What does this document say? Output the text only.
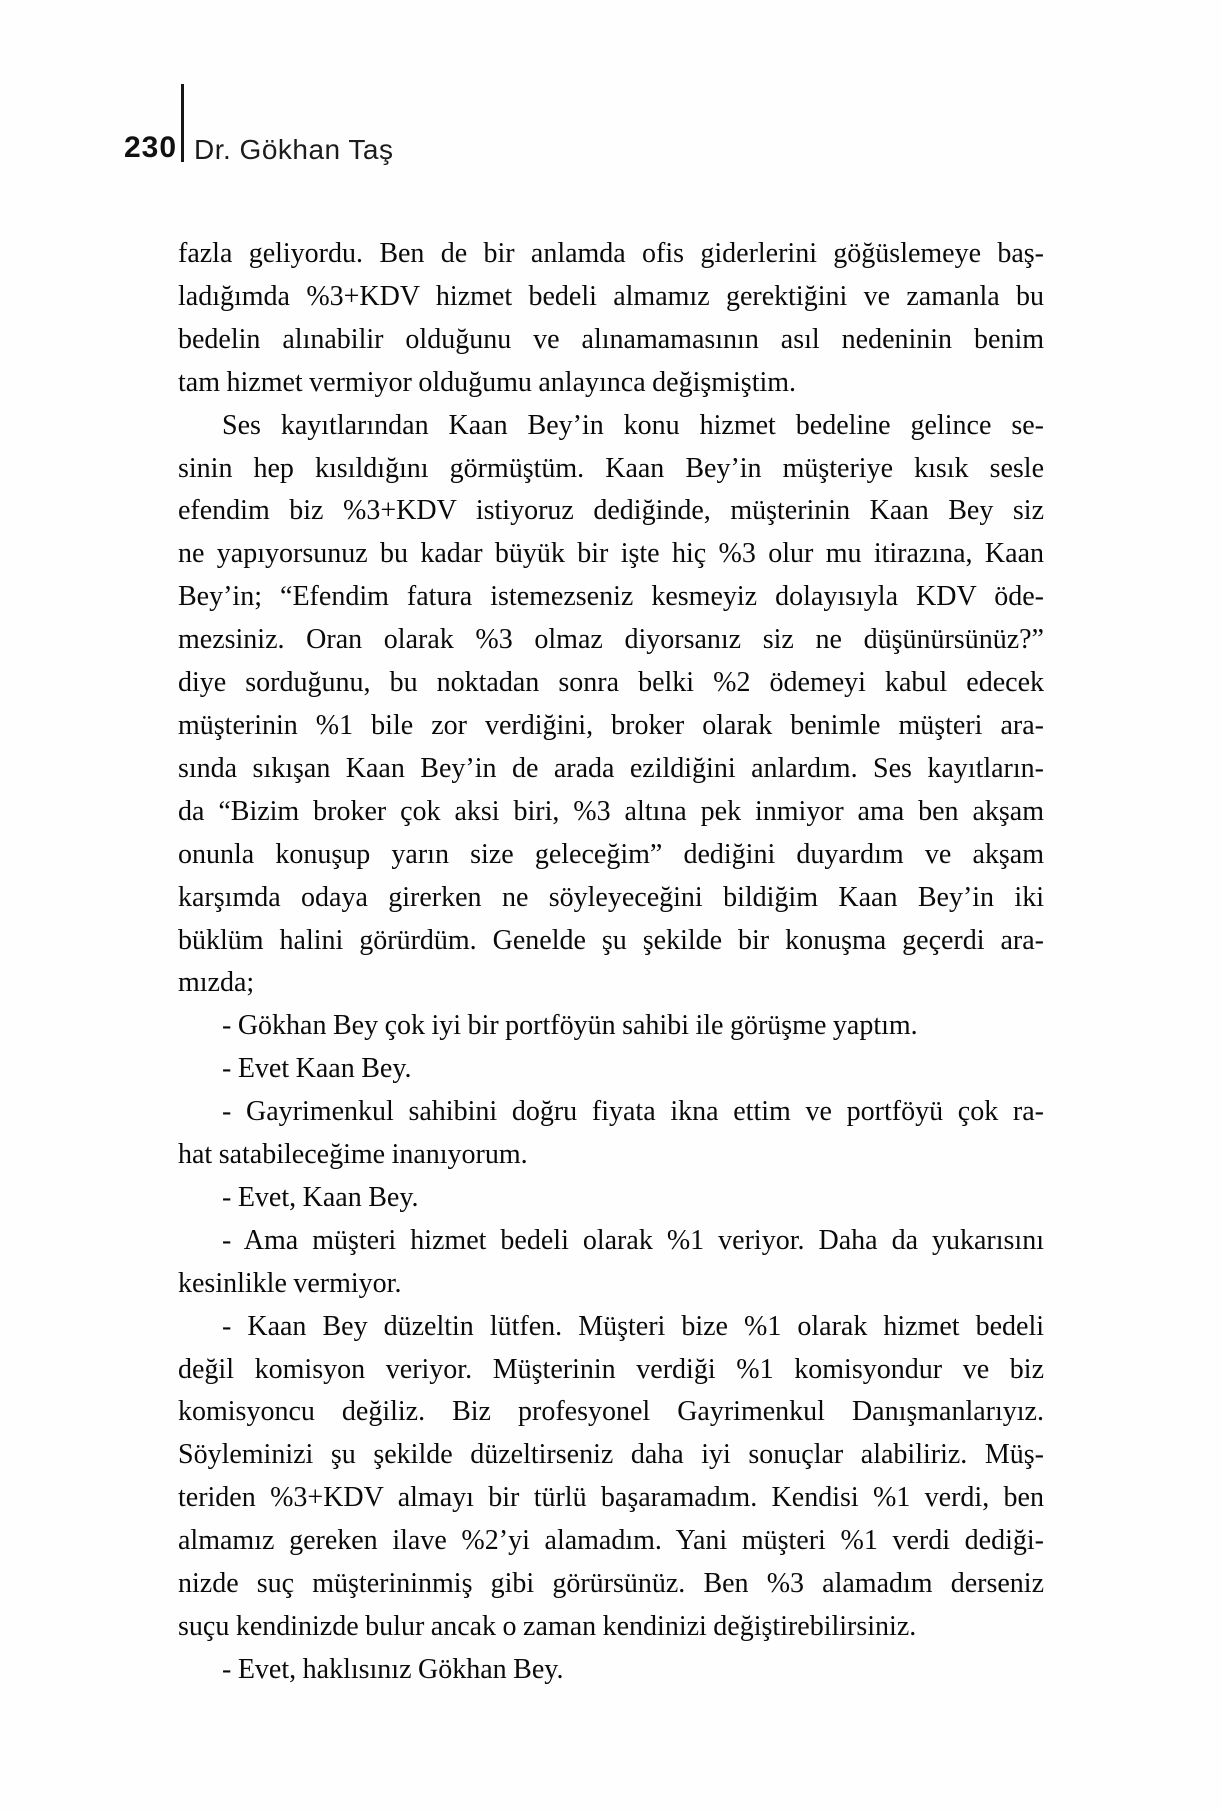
230 Dr. Gökhan Taş
fazla geliyordu. Ben de bir anlamda ofis giderlerini göğüslemeye baş-
ladığımda %3+KDV hizmet bedeli almamız gerektiğini ve zamanla bu
bedelin alınabilir olduğunu ve alınamamasının asıl nedeninin benim
tam hizmet vermiyor olduğumu anlayınca değişmiştim.
Ses kayıtlarından Kaan Bey’in konu hizmet bedeline gelince se-
sinin hep kısıldığını görmüştüm. Kaan Bey’in müşteriye kısık sesle
efendim biz %3+KDV istiyoruz dediğinde, müşterinin Kaan Bey siz
ne yapıyorsunuz bu kadar büyük bir işte hiç %3 olur mu itirazına, Kaan
Bey’in; “Efendim fatura istemezseniz kesmeyiz dolayısıyla KDV öde-
mezsiniz. Oran olarak %3 olmaz diyorsanız siz ne düşünürsünüz?”
diye sorduğunu, bu noktadan sonra belki %2 ödemeyi kabul edecek
müşterinin %1 bile zor verdiğini, broker olarak benimle müşteri ara-
sında sıkışan Kaan Bey’in de arada ezildiğini anlardım. Ses kayıtların-
da “Bizim broker çok aksi biri, %3 altına pek inmiyor ama ben akşam
onunla konuşup yarın size geleceğim” dediğini duyardım ve akşam
karşımda odaya girerken ne söyleyeceğini bildiğim Kaan Bey’in iki
büklüm halini görürdüm. Genelde şu şekilde bir konuşma geçerdi ara-
mızda;
- Gökhan Bey çok iyi bir portföyün sahibi ile görüşme yaptım.
- Evet Kaan Bey.
- Gayrimenkul sahibini doğru fiyata ikna ettim ve portföyü çok ra-
hat satabileceğime inanıyorum.
- Evet, Kaan Bey.
- Ama müşteri hizmet bedeli olarak %1 veriyor. Daha da yukarısını
kesinlikle vermiyor.
- Kaan Bey düzeltin lütfen. Müşteri bize %1 olarak hizmet bedeli
değil komisyon veriyor. Müşterinin verdiği %1 komisyondur ve biz
komisyoncu değiliz. Biz profesyonel Gayrimenkul Danışmanlarıyız.
Söyleminizi şu şekilde düzeltirseniz daha iyi sonuçlar alabiliriz. Müş-
teriden %3+KDV almayı bir türlü başaramadım. Kendisi %1 verdi, ben
almamız gereken ilave %2’yi alamadım. Yani müşteri %1 verdi dediği-
nizde suç müşterininmiş gibi görürsünüz. Ben %3 alamadım derseniz
suçu kendinizde bulur ancak o zaman kendinizi değiştirebilirsiniz.
- Evet, haklısınız Gökhan Bey.
